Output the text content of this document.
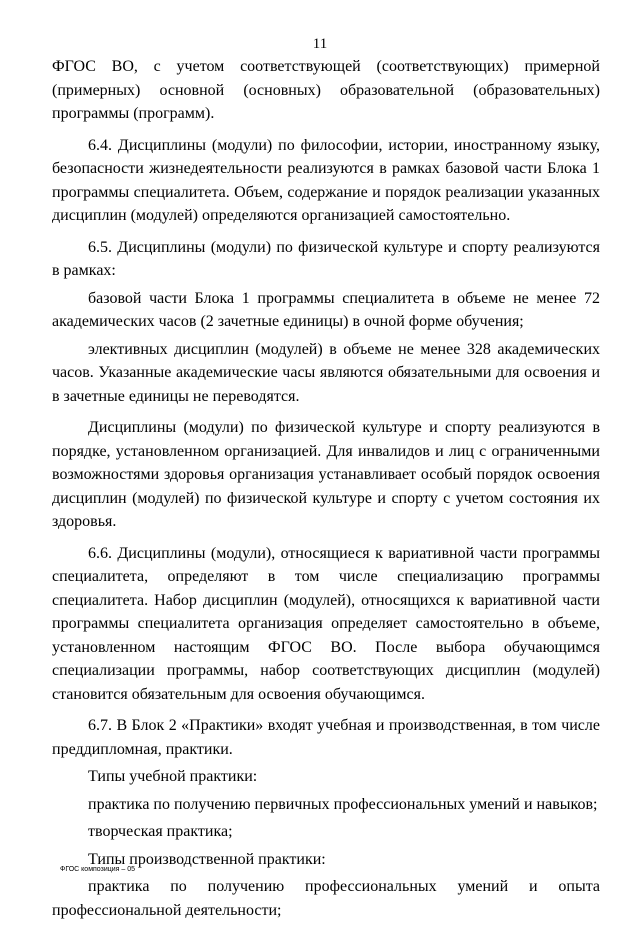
11

ФГОС ВО, с учетом соответствующей (соответствующих) примерной (примерных) основной (основных) образовательной (образовательных) программы (программ).

6.4. Дисциплины (модули) по философии, истории, иностранному языку, безопасности жизнедеятельности реализуются в рамках базовой части Блока 1 программы специалитета. Объем, содержание и порядок реализации указанных дисциплин (модулей) определяются организацией самостоятельно.

6.5. Дисциплины (модули) по физической культуре и спорту реализуются в рамках:

базовой части Блока 1 программы специалитета в объеме не менее 72 академических часов (2 зачетные единицы) в очной форме обучения;

элективных дисциплин (модулей) в объеме не менее 328 академических часов. Указанные академические часы являются обязательными для освоения и в зачетные единицы не переводятся.

Дисциплины (модули) по физической культуре и спорту реализуются в порядке, установленном организацией. Для инвалидов и лиц с ограниченными возможностями здоровья организация устанавливает особый порядок освоения дисциплин (модулей) по физической культуре и спорту с учетом состояния их здоровья.

6.6. Дисциплины (модули), относящиеся к вариативной части программы специалитета, определяют в том числе специализацию программы специалитета. Набор дисциплин (модулей), относящихся к вариативной части программы специалитета организация определяет самостоятельно в объеме, установленном настоящим ФГОС ВО. После выбора обучающимся специализации программы, набор соответствующих дисциплин (модулей) становится обязательным для освоения обучающимся.

6.7. В Блок 2 «Практики» входят учебная и производственная, в том числе преддипломная, практики.

Типы учебной практики:

практика по получению первичных профессиональных умений и навыков;

творческая практика;

Типы производственной практики:

практика по получению профессиональных умений и опыта профессиональной деятельности;

ФГОС композиция – 05
